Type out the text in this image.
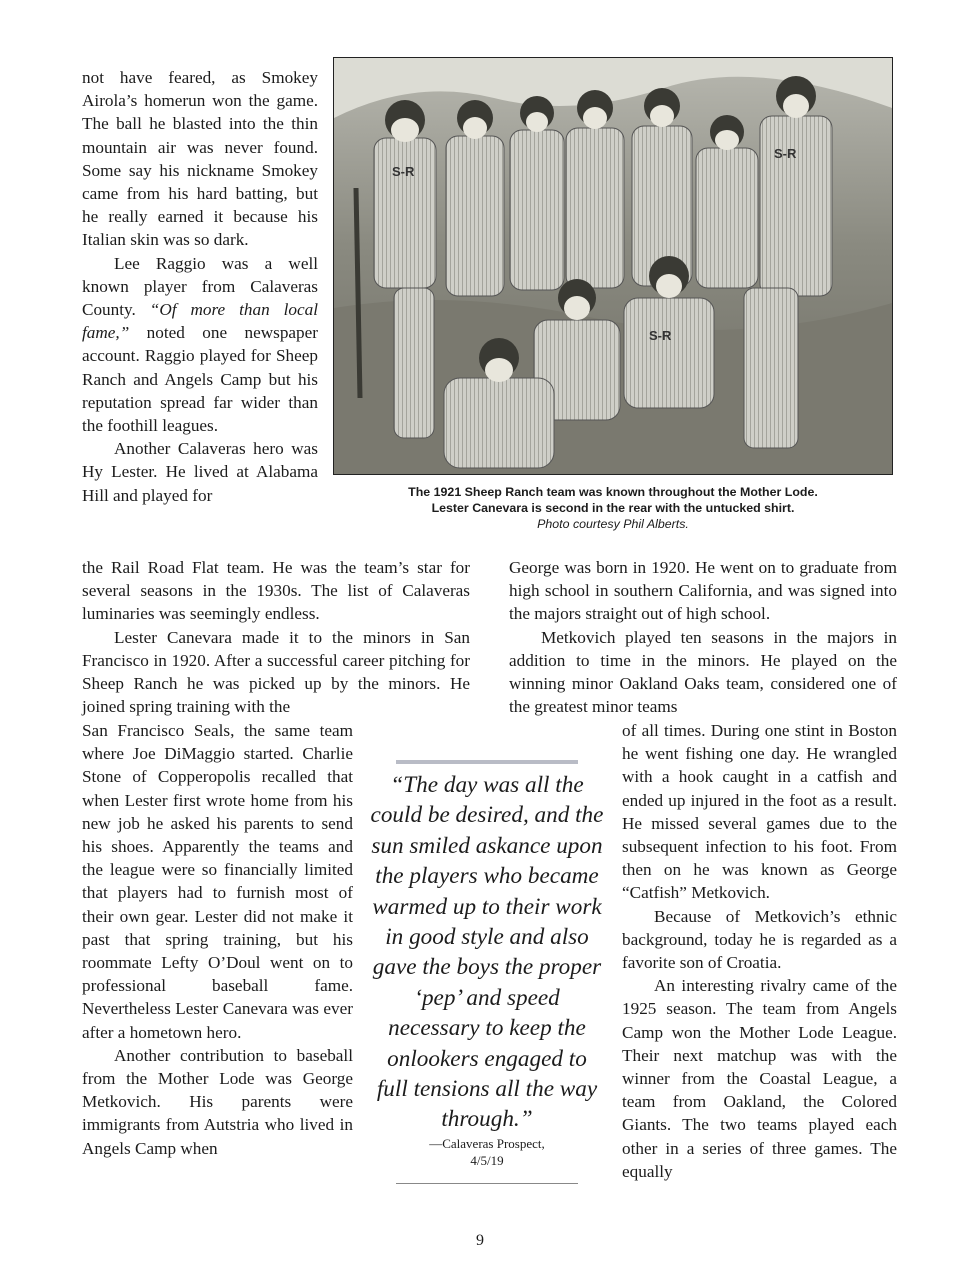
not have feared, as Smokey Airola’s homerun won the game. The ball he blasted into the thin mountain air was never found. Some say his nickname Smokey came from his hard batting, but he really earned it because his Italian skin was so dark.

Lee Raggio was a well known player from Calaveras County. “Of more than local fame,” noted one newspaper account. Raggio played for Sheep Ranch and Angels Camp but his reputation spread far wider than the foothill leagues.

Another Calaveras hero was Hy Lester. He lived at Alabama Hill and played for

the Rail Road Flat team. He was the team’s star for several seasons in the 1930s. The list of Calaveras luminaries was seemingly endless.

Lester Canevara made it to the minors in San Francisco in 1920. After a successful career pitching for Sheep Ranch he was picked up by the minors. He joined spring training with the

San Francisco Seals, the same team where Joe DiMaggio started. Charlie Stone of Copperopolis recalled that when Lester first wrote home from his new job he asked his parents to send his shoes. Apparently the teams and the league were so financially limited that players had to furnish most of their own gear. Lester did not make it past that spring training, but his roommate Lefty O’Doul went on to professional baseball fame. Nevertheless Lester Canevara was ever after a hometown hero.

Another contribution to baseball from the Mother Lode was George Metkovich. His parents were immigrants from Autstria who lived in Angels Camp when

George was born in 1920. He went on to graduate from high school in southern California, and was signed into the majors straight out of high school.

Metkovich played ten seasons in the majors in addition to time in the minors. He played on the winning minor Oakland Oaks team, considered one of the greatest minor teams

of all times. During one stint in Boston he went fishing one day. He wrangled with a hook caught in a catfish and ended up injured in the foot as a result. He missed several games due to the subsequent infection to his foot. From then on he was known as George “Catfish” Metkovich.

Because of Metkovich’s ethnic background, today he is regarded as a favorite son of Croatia.

An interesting rivalry came of the 1925 season. The team from Angels Camp won the Mother Lode League. Their next matchup was with the winner from the Coastal League, a team from Oakland, the Colored Giants. The two teams played each other in a series of three games. The equally

S-R
S-R
S-R
The 1921 Sheep Ranch team was known throughout the Mother Lode.
Lester Canevara is second in the rear with the untucked shirt.
Photo courtesy Phil Alberts.
“The day was all the could be desired, and the sun smiled askance upon the players who became warmed up to their work in good style and also gave the boys the proper ‘pep’ and speed necessary to keep the onlookers engaged to full tensions all the way through.”
—Calaveras Prospect,
4/5/19
9
